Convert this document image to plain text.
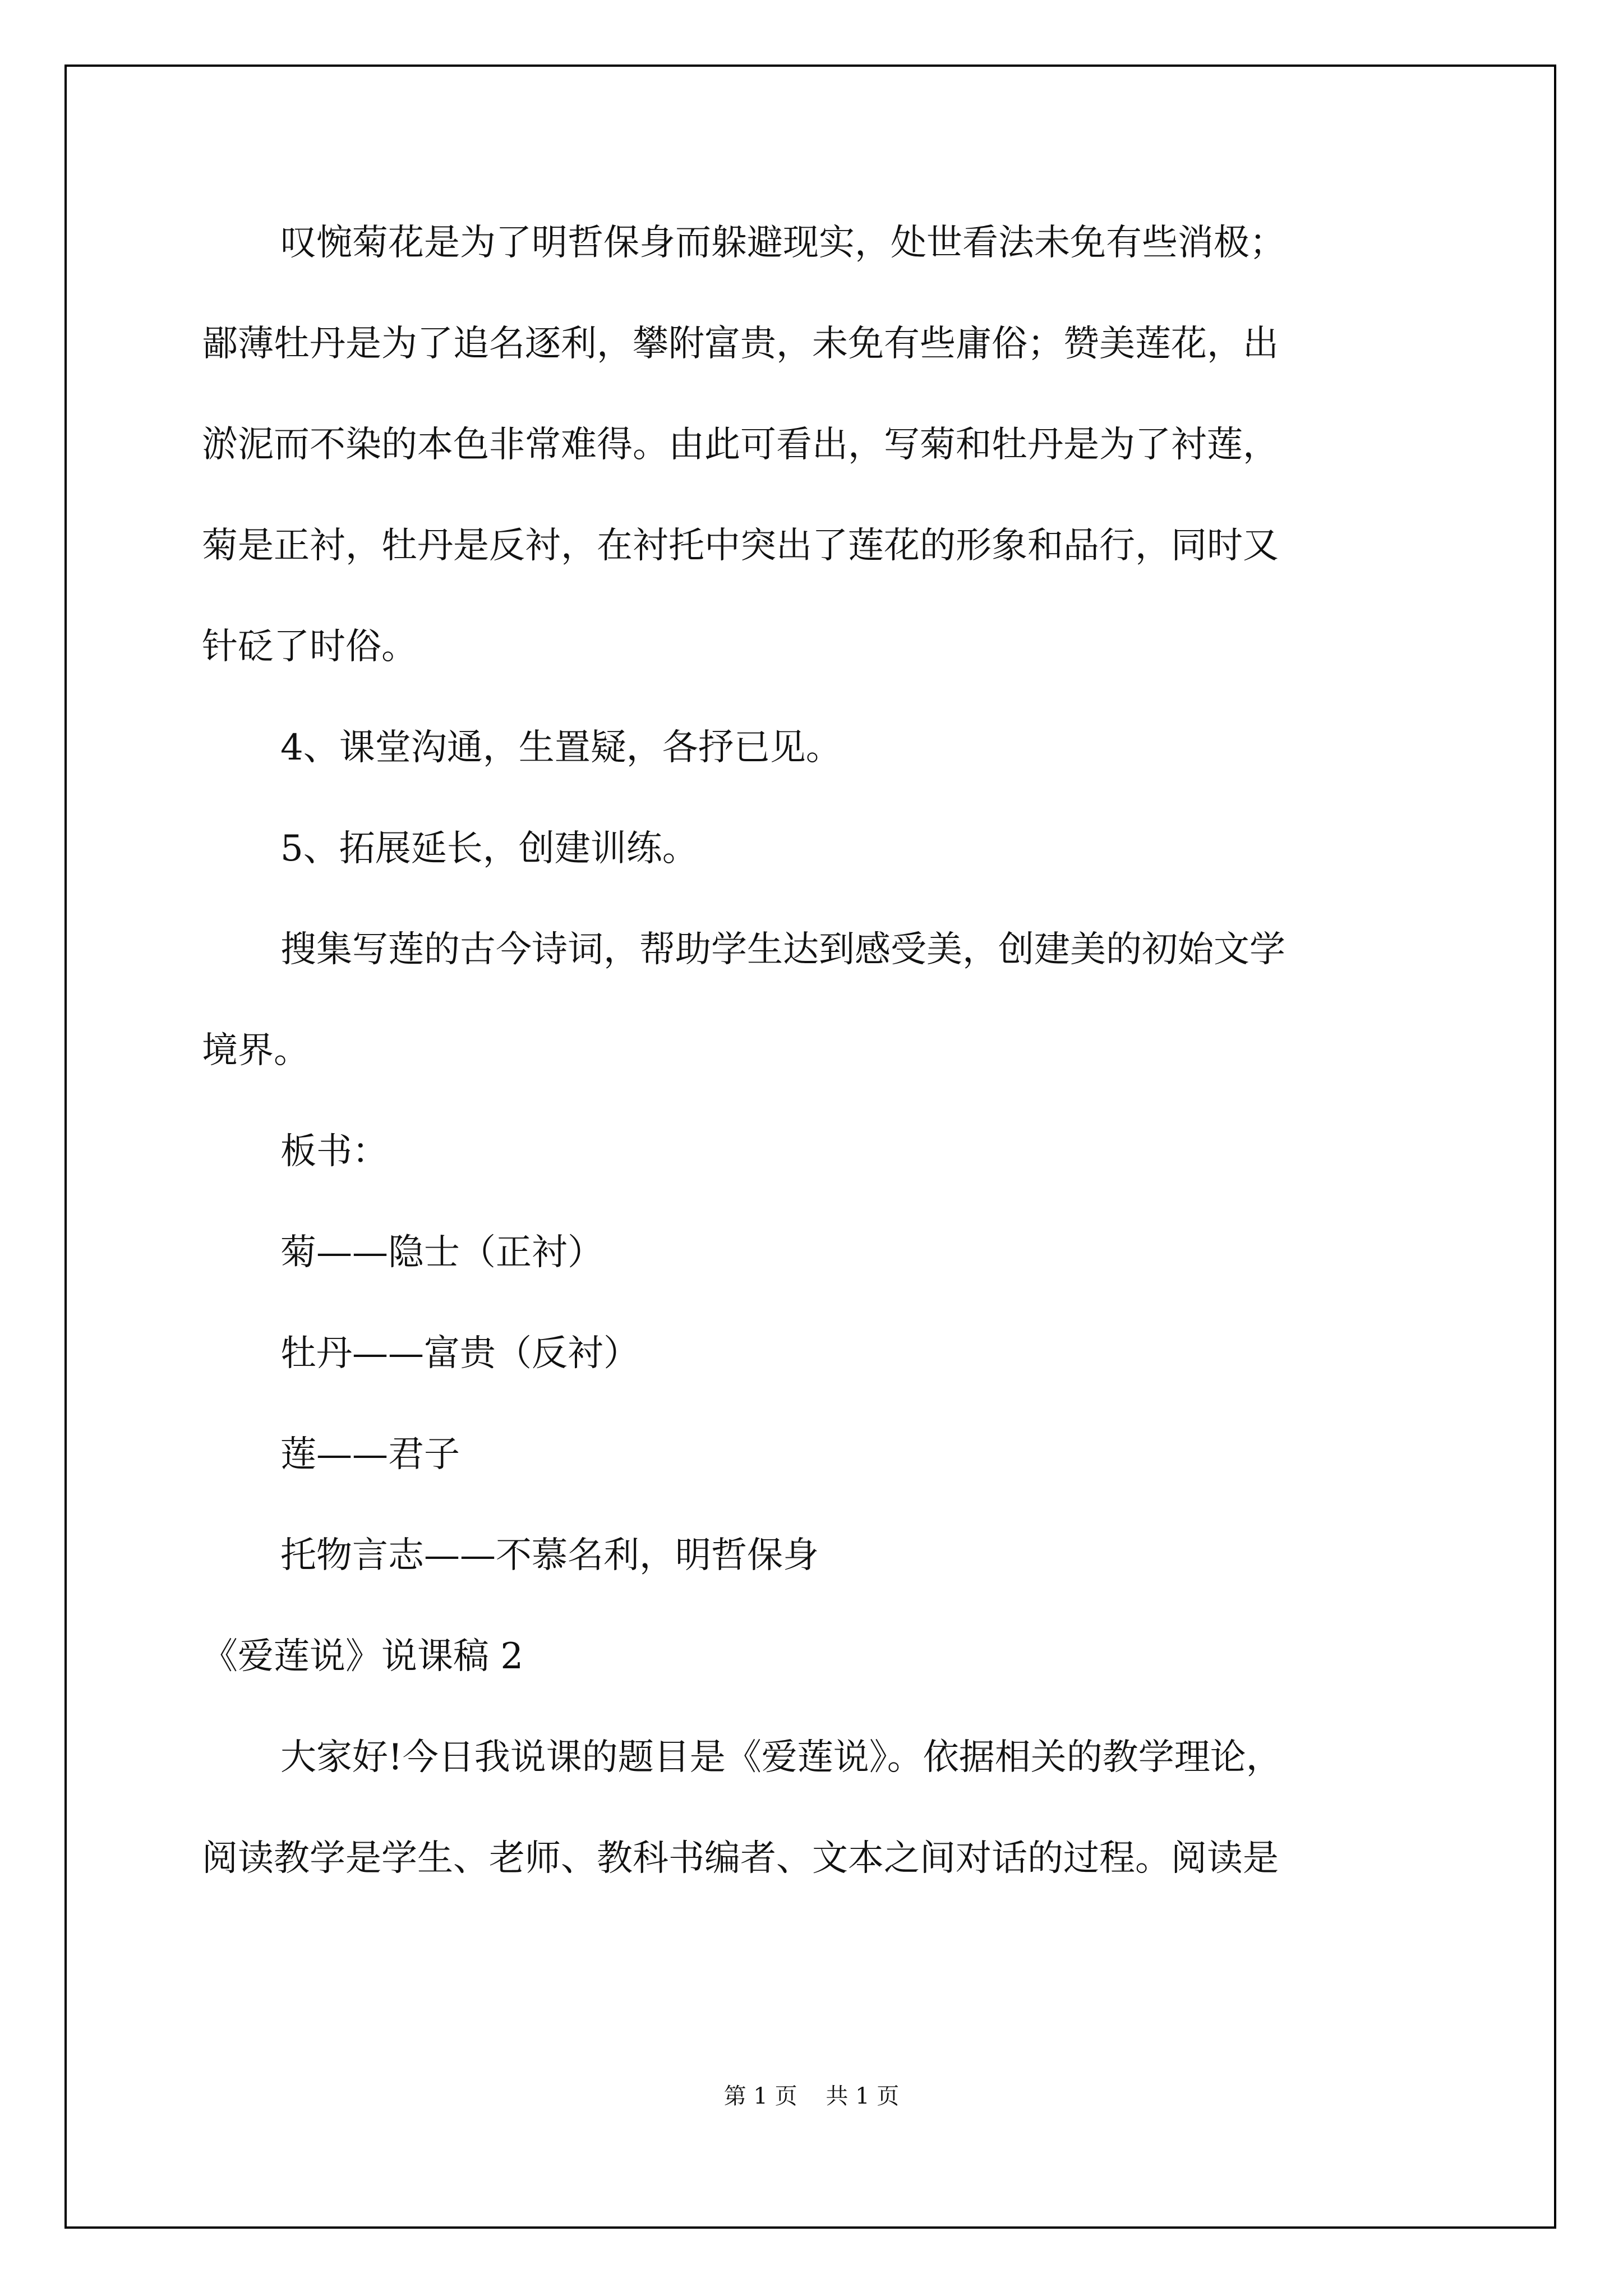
叹惋菊花是为了明哲保身而躲避现实，处世看法未免有些消极；
鄙薄牡丹是为了追名逐利，攀附富贵，未免有些庸俗；赞美莲花，出
淤泥而不染的本色非常难得。由此可看出，写菊和牡丹是为了衬莲，
菊是正衬，牡丹是反衬，在衬托中突出了莲花的形象和品行，同时又
针砭了时俗。
4、课堂沟通，生置疑，各抒已见。
5、拓展延长，创建训练。
搜集写莲的古今诗词，帮助学生达到感受美，创建美的初始文学
境界。
板书：
菊——隐士（正衬）
牡丹——富贵（反衬）
莲——君子
托物言志——不慕名利，明哲保身
《爱莲说》说课稿 2
大家好!今日我说课的题目是《爱莲说》。依据相关的教学理论，
阅读教学是学生、老师、教科书编者、文本之间对话的过程。阅读是
第 1 页    共 1 页
